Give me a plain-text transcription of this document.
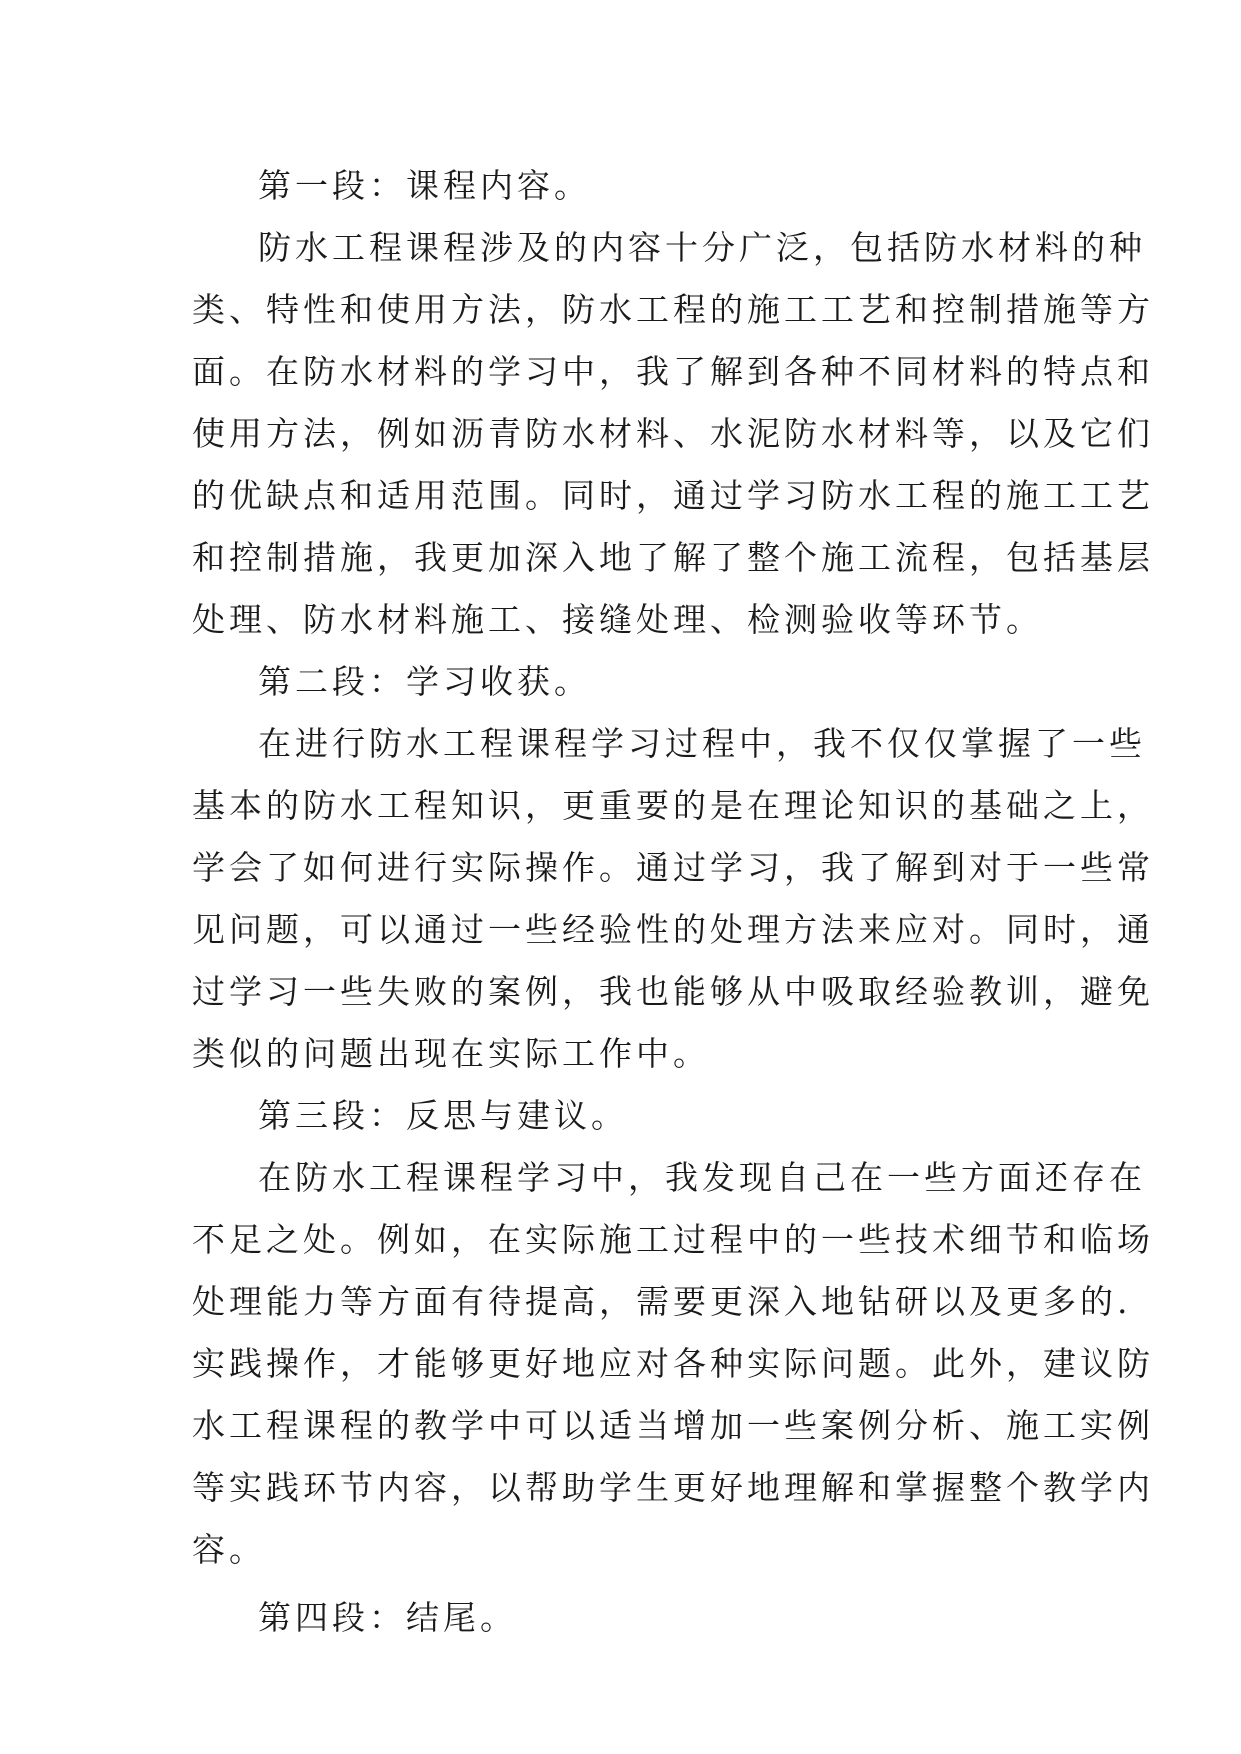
第一段：课程内容。
防水工程课程涉及的内容十分广泛，包括防水材料的种
类、特性和使用方法，防水工程的施工工艺和控制措施等方
面。在防水材料的学习中，我了解到各种不同材料的特点和
使用方法，例如沥青防水材料、水泥防水材料等，以及它们
的优缺点和适用范围。同时，通过学习防水工程的施工工艺
和控制措施，我更加深入地了解了整个施工流程，包括基层
处理、防水材料施工、接缝处理、检测验收等环节。
第二段：学习收获。
在进行防水工程课程学习过程中，我不仅仅掌握了一些
基本的防水工程知识，更重要的是在理论知识的基础之上，
学会了如何进行实际操作。通过学习，我了解到对于一些常
见问题，可以通过一些经验性的处理方法来应对。同时，通
过学习一些失败的案例，我也能够从中吸取经验教训，避免
类似的问题出现在实际工作中。
第三段：反思与建议。
在防水工程课程学习中，我发现自己在一些方面还存在
不足之处。例如，在实际施工过程中的一些技术细节和临场
处理能力等方面有待提高，需要更深入地钻研以及更多的.
实践操作，才能够更好地应对各种实际问题。此外，建议防
水工程课程的教学中可以适当增加一些案例分析、施工实例
等实践环节内容，以帮助学生更好地理解和掌握整个教学内
容。
第四段：结尾。
